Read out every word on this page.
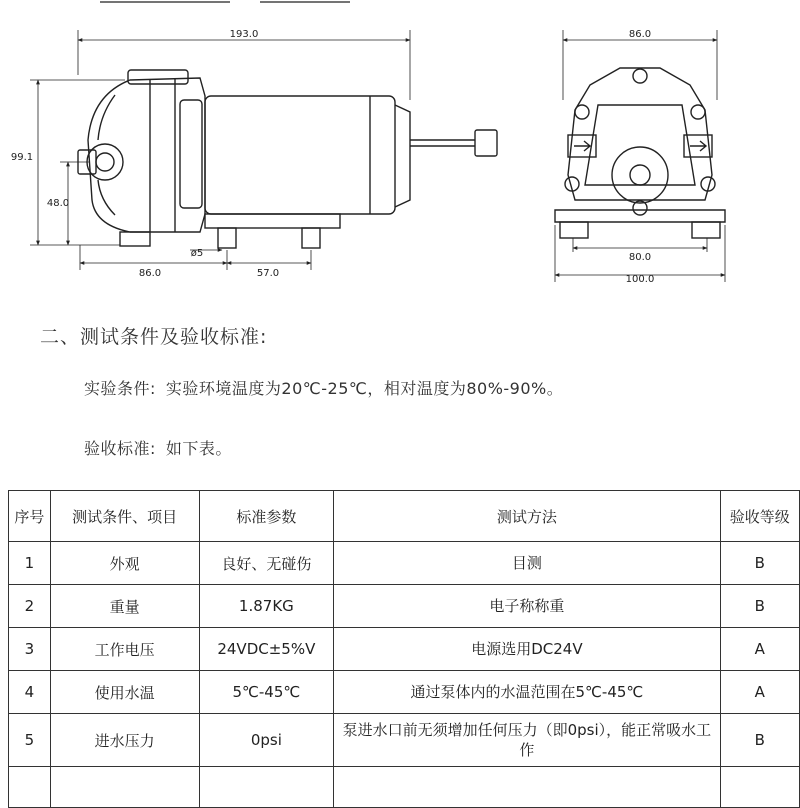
193.0
99.1
48.0
86.0
ø5
57.0
86.0
80.0
100.0
二、测试条件及验收标准:
实验条件: 实验环境温度为20℃-25℃，相对温度为80%-90%。
验收标准: 如下表。
序号	测试条件、项目	标准参数	测试方法	验收等级
1	外观	良好、无碰伤	目测	B
2	重量	1.87KG	电子称称重	B
3	工作电压	24VDC±5%V	电源选用DC24V	A
4	使用水温	5℃-45℃	通过泵体内的水温范围在5℃-45℃	A
5	进水压力	0psi	泵进水口前无须增加任何压力（即0psi），能正常吸水工作	B
